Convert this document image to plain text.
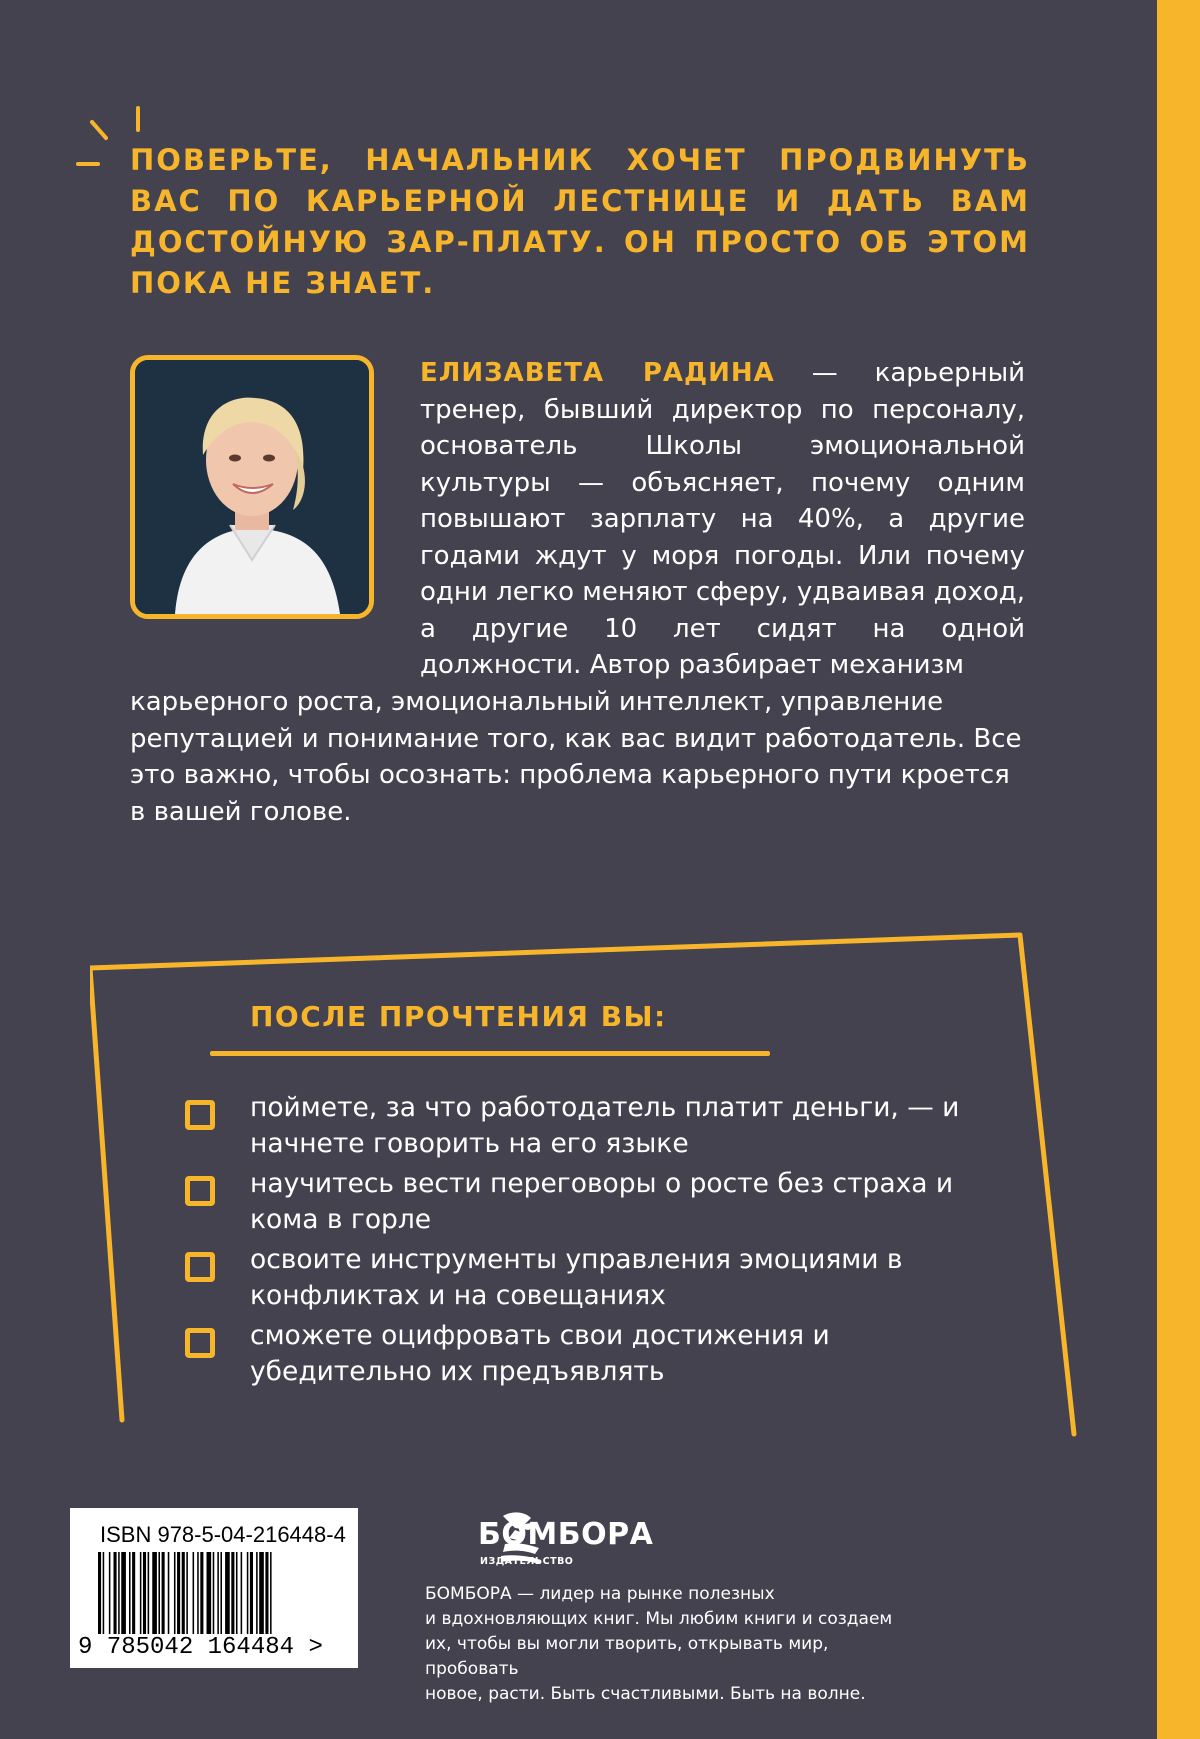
ПОВЕРЬТЕ, НАЧАЛЬНИК ХОЧЕТ ПРОДВИНУТЬ ВАС ПО КАРЬЕРНОЙ ЛЕСТНИЦЕ И ДАТЬ ВАМ ДОСТОЙНУЮ ЗАР-ПЛАТУ. ОН ПРОСТО ОБ ЭТОМ ПОКА НЕ ЗНАЕТ.

ЕЛИЗАВЕТА РАДИНА — карьерный тренер, бывший директор по персоналу, основатель Школы эмоциональной культуры — объясняет, почему одним повышают зарплату на 40%, а другие годами ждут у моря погоды. Или почему одни легко меняют сферу, удваивая доход, а другие 10 лет сидят на одной должности. Автор разбирает механизм

карьерного роста, эмоциональный интеллект, управление репутацией и понимание того, как вас видит работодатель. Все это важно, чтобы осознать: проблема карьерного пути кроется в вашей голове.

ПОСЛЕ ПРОЧТЕНИЯ ВЫ:
поймете, за что работодатель платит деньги, — и начнете говорить на его языке
научитесь вести переговоры о росте без страха и кома в горле
освоите инструменты управления эмоциями в конфликтах и на совещаниях
сможете оцифровать свои достижения и убедительно их предъявлять
ISBN 978-5-04-216448-4
9 785042 164484 >
БОМБОРА
ИЗДАТЕЛЬСТВО

БОМБОРА — лидер на рынке полезных
и вдохновляющих книг. Мы любим книги и создаем
их, чтобы вы могли творить, открывать мир, пробовать
новое, расти. Быть счастливыми. Быть на волне.
